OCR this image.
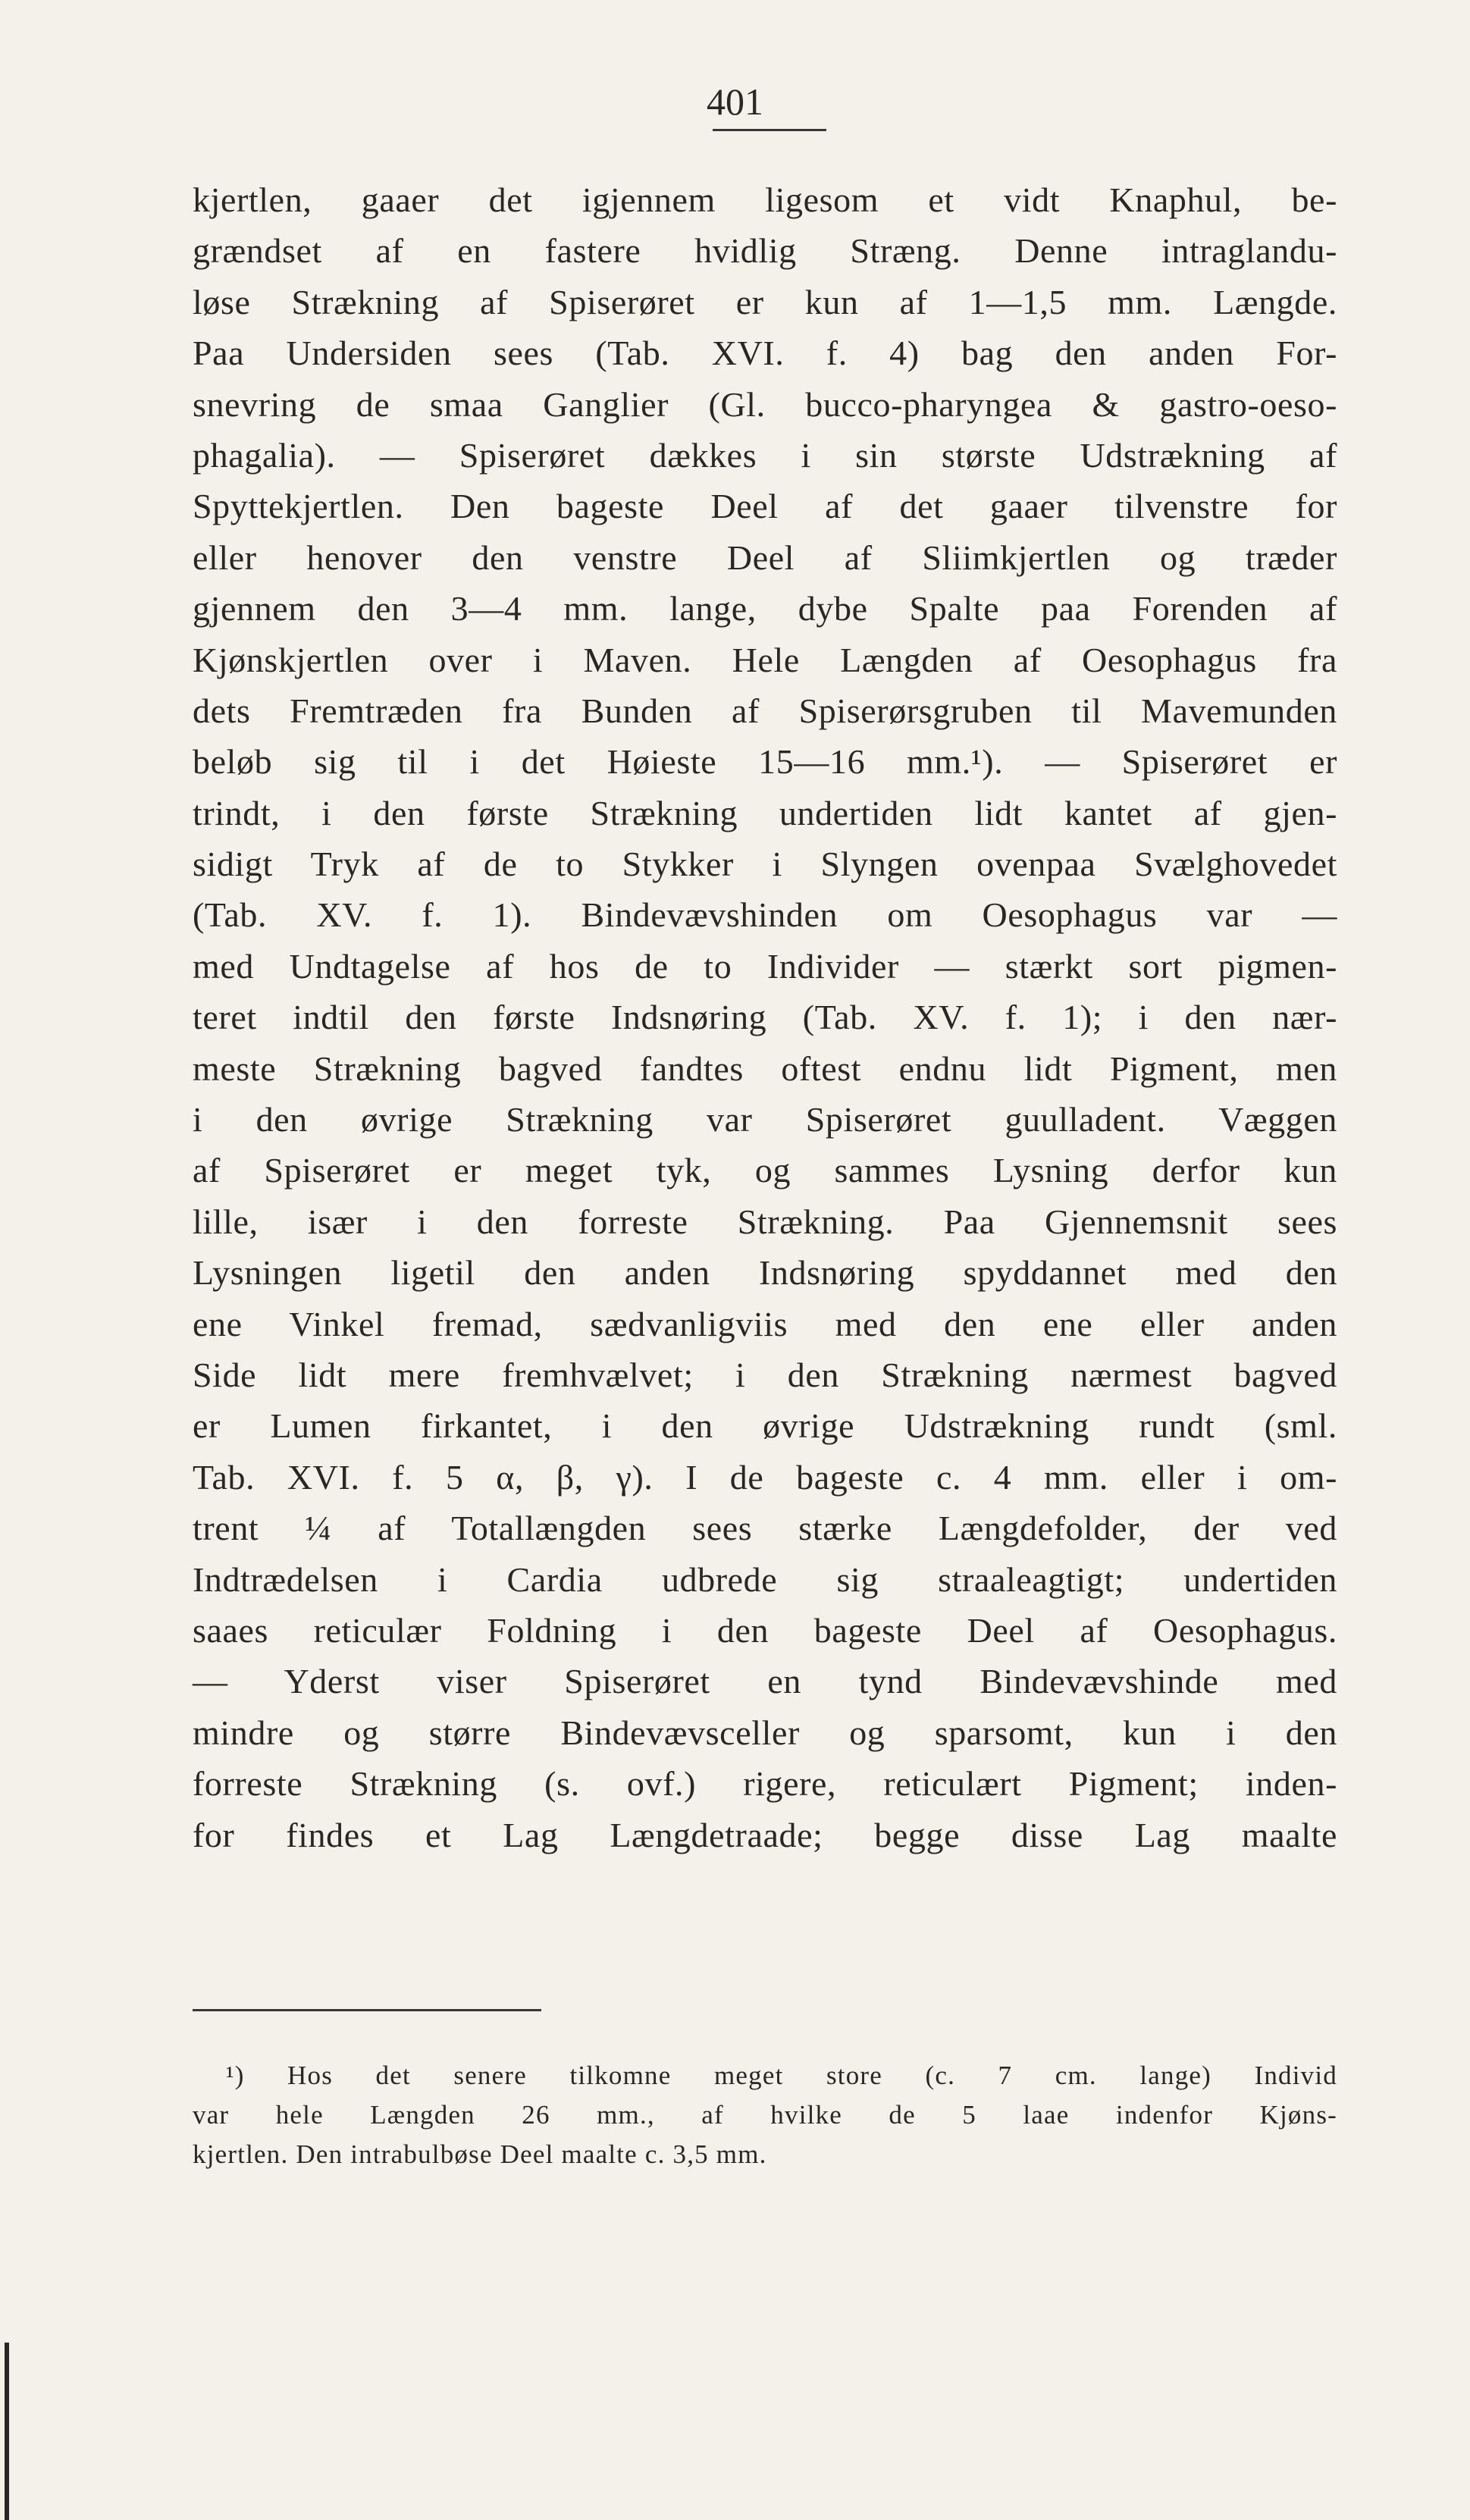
401
kjertlen, gaaer det igjennem ligesom et vidt Knaphul, be-
grændset af en fastere hvidlig Stræng. Denne intraglandu-
løse Strækning af Spiserøret er kun af 1—1,5 mm. Længde.
Paa Undersiden sees (Tab. XVI. f. 4) bag den anden For-
snevring de smaa Ganglier (Gl. bucco-pharyngea & gastro-oeso-
phagalia). — Spiserøret dækkes i sin største Udstrækning af
Spyttekjertlen. Den bageste Deel af det gaaer tilvenstre for
eller henover den venstre Deel af Sliimkjertlen og træder
gjennem den 3—4 mm. lange, dybe Spalte paa Forenden af
Kjønskjertlen over i Maven. Hele Længden af Oesophagus fra
dets Fremtræden fra Bunden af Spiserørsgruben til Mavemunden
beløb sig til i det Høieste 15—16 mm.¹). — Spiserøret er
trindt, i den første Strækning undertiden lidt kantet af gjen-
sidigt Tryk af de to Stykker i Slyngen ovenpaa Svælghovedet
(Tab. XV. f. 1). Bindevævshinden om Oesophagus var —
med Undtagelse af hos de to Individer — stærkt sort pigmen-
teret indtil den første Indsnøring (Tab. XV. f. 1); i den nær-
meste Strækning bagved fandtes oftest endnu lidt Pigment, men
i den øvrige Strækning var Spiserøret guulladent. Væggen
af Spiserøret er meget tyk, og sammes Lysning derfor kun
lille, især i den forreste Strækning. Paa Gjennemsnit sees
Lysningen ligetil den anden Indsnøring spyddannet med den
ene Vinkel fremad, sædvanligviis med den ene eller anden
Side lidt mere fremhvælvet; i den Strækning nærmest bagved
er Lumen firkantet, i den øvrige Udstrækning rundt (sml.
Tab. XVI. f. 5 α, β, γ). I de bageste c. 4 mm. eller i om-
trent ¼ af Totallængden sees stærke Længdefolder, der ved
Indtrædelsen i Cardia udbrede sig straaleagtigt; undertiden
saaes reticulær Foldning i den bageste Deel af Oesophagus.
— Yderst viser Spiserøret en tynd Bindevævshinde med
mindre og større Bindevævsceller og sparsomt, kun i den
forreste Strækning (s. ovf.) rigere, reticulært Pigment; inden-
for findes et Lag Længdetraade; begge disse Lag maalte
¹) Hos det senere tilkomne meget store (c. 7 cm. lange) Individ
var hele Længden 26 mm., af hvilke de 5 laae indenfor Kjøns-
kjertlen. Den intrabulbøse Deel maalte c. 3,5 mm.
